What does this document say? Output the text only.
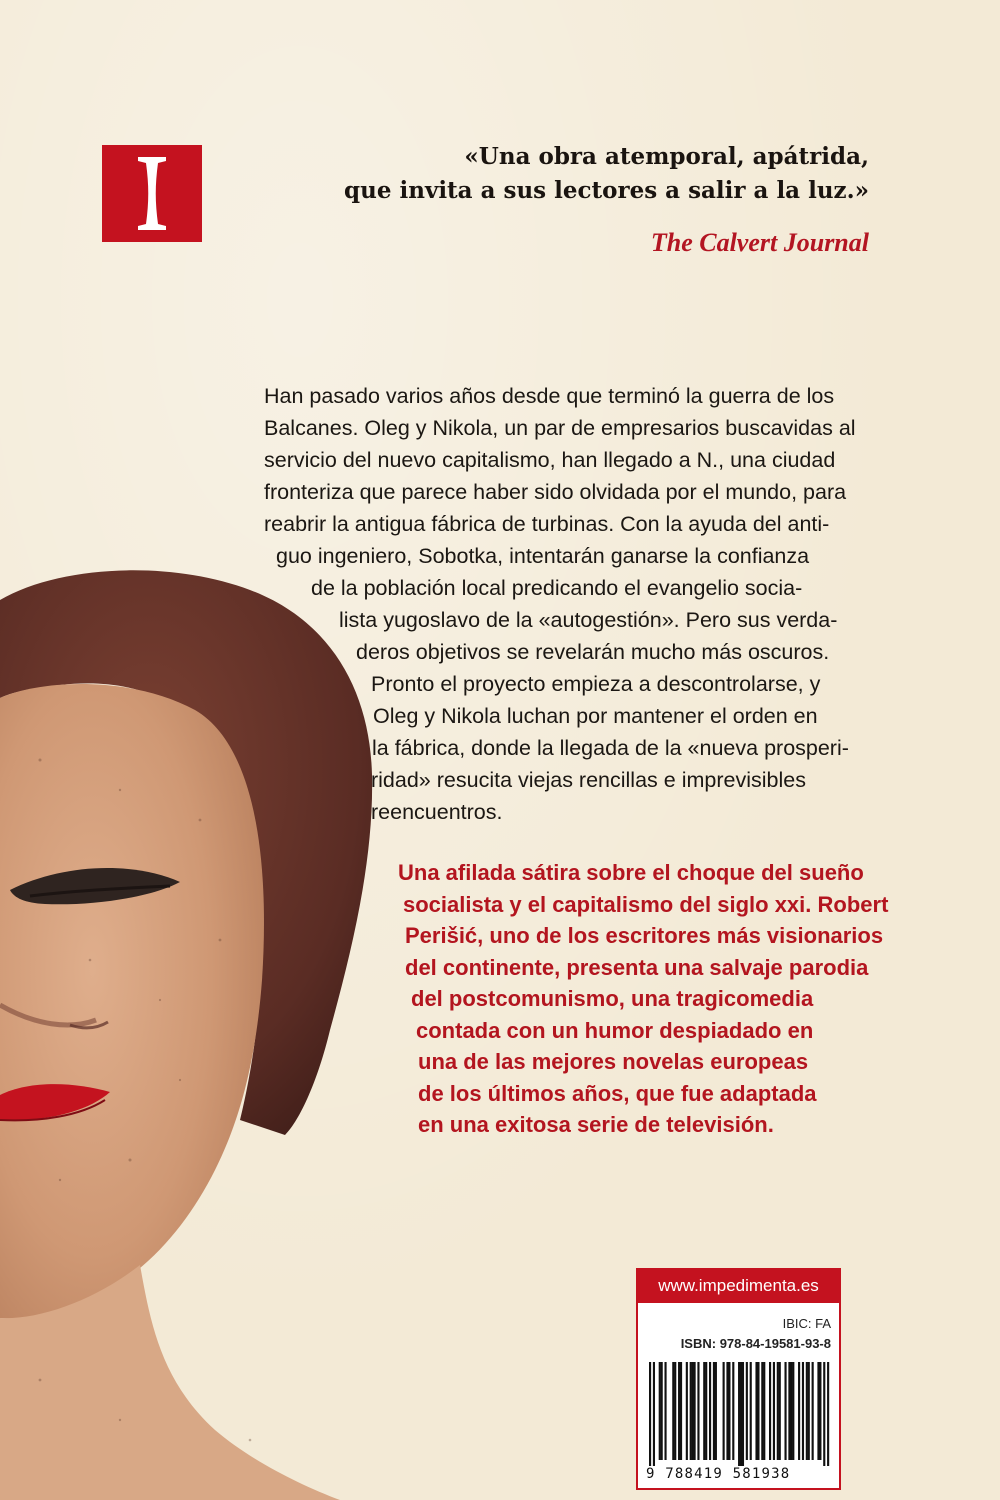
«Una obra atemporal, apátrida,
que invita a sus lectores a salir a la luz.»
The Calvert Journal
Han pasado varios años desde que terminó la guerra de los
Balcanes. Oleg y Nikola, un par de empresarios buscavidas al
servicio del nuevo capitalismo, han llegado a N., una ciudad
fronteriza que parece haber sido olvidada por el mundo, para
reabrir la antigua fábrica de turbinas. Con la ayuda del anti-
guo ingeniero, Sobotka, intentarán ganarse la confianza
de la población local predicando el evangelio socia-
lista yugoslavo de la «autogestión». Pero sus verda-
deros objetivos se revelarán mucho más oscuros.
Pronto el proyecto empieza a descontrolarse, y
Oleg y Nikola luchan por mantener el orden en
la fábrica, donde la llegada de la «nueva prosperi-
ridad» resucita viejas rencillas e imprevisibles
reencuentros.
Una afilada sátira sobre el choque del sueño
socialista y el capitalismo del siglo xxi. Robert
Perišić, uno de los escritores más visionarios
del continente, presenta una salvaje parodia
del postcomunismo, una tragicomedia
contada con un humor despiadado en
una de las mejores novelas europeas
de los últimos años, que fue adaptada
en una exitosa serie de televisión.
www.impedimenta.es
IBIC: FA
ISBN: 978-84-19581-93-8
9 788419 581938
